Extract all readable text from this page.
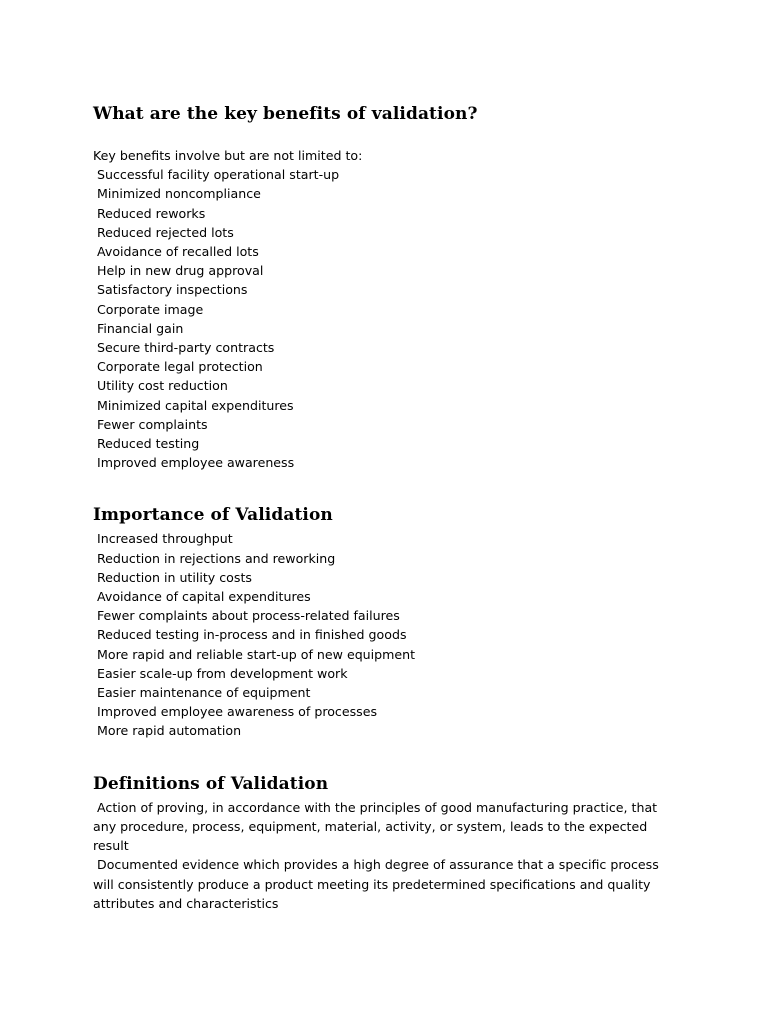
What are the key benefits of validation?

Key benefits involve but are not limited to:

Successful facility operational start-up
Minimized noncompliance
Reduced reworks
Reduced rejected lots
Avoidance of recalled lots
Help in new drug approval
Satisfactory inspections
Corporate image
Financial gain
Secure third-party contracts
Corporate legal protection
Utility cost reduction
Minimized capital expenditures
Fewer complaints
Reduced testing
Improved employee awareness
Importance of Validation
Increased throughput
Reduction in rejections and reworking
Reduction in utility costs
Avoidance of capital expenditures
Fewer complaints about process-related failures
Reduced testing in-process and in finished goods
More rapid and reliable start-up of new equipment
Easier scale-up from development work
Easier maintenance of equipment
Improved employee awareness of processes
More rapid automation
Definitions of Validation

Action of proving, in accordance with the principles of good manufacturing practice, that any procedure, process, equipment, material, activity, or system, leads to the expected result

Documented evidence which provides a high degree of assurance that a specific process will consistently produce a product meeting its predetermined specifications and quality attributes and characteristics
